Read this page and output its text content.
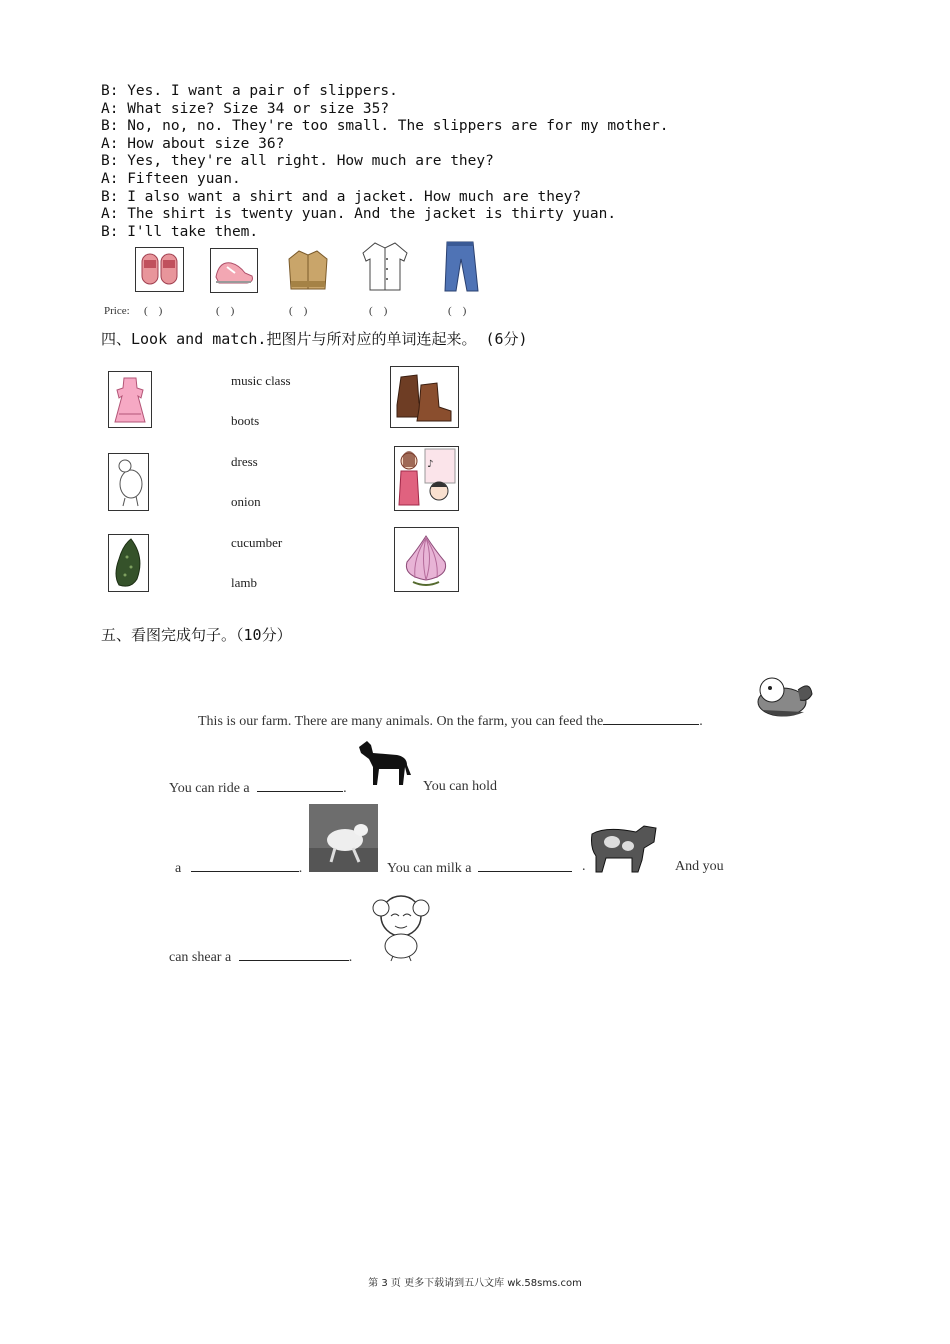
B: Yes. I want a pair of slippers.
A: What size? Size 34 or size 35?
B: No, no, no. They're too small. The slippers are for my mother.
A: How about size 36?
B: Yes, they're all right. How much are they?
A: Fifteen yuan.
B: I also want a shirt and a jacket. How much are they?
A: The shirt is twenty yuan. And the jacket is thirty yuan.
B: I'll take them.
Price: (    )	(    )	(    )	(    )	(    )
四、Look and match.把图片与所对应的单词连起来。 (6分)
music class
boots
dress
onion
cucumber
lamb
♪
五、看图完成句子。（10分）
This is our farm. There are many animals. On the farm, you can feed the	.
You can ride a	.	You can hold
a	.	You can milk a	.	And you
can shear a	.
第 3 页 更多下载请到五八文库 wk.58sms.com
